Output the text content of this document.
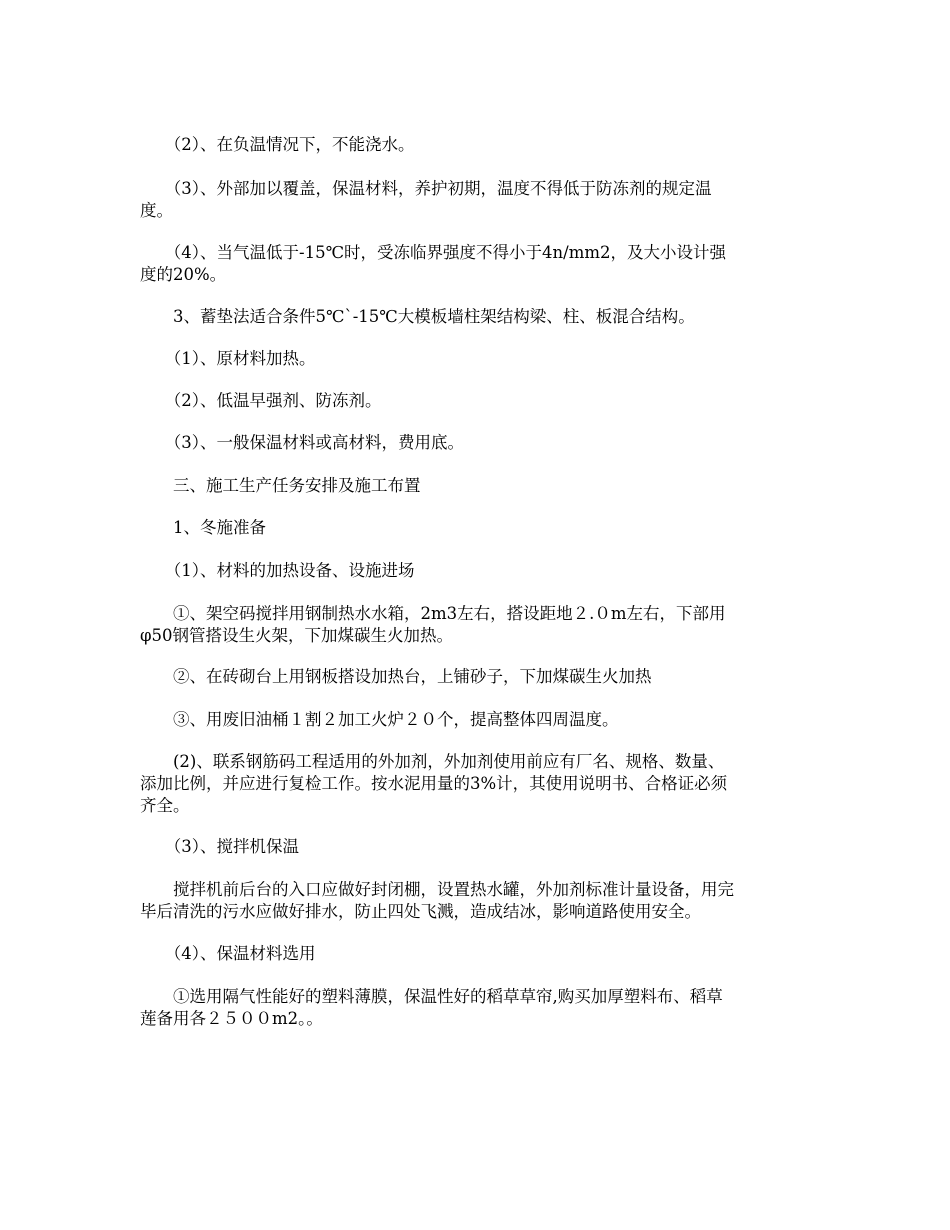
　　（2）、在负温情况下，不能浇水。
　　（3）、外部加以覆盖，保温材料，养护初期，温度不得低于防冻剂的规定温
度。
　　（4）、当气温低于-15℃时，受冻临界强度不得小于4n/mm2，及大小设计强
度的20%。
　　3、蓄垫法适合条件5℃ˋ-15℃大模板墙柱架结构梁、柱、板混合结构。
　　（1）、原材料加热。
　　（2）、低温早强剂、防冻剂。
　　（3）、一般保温材料或高材料，费用底。
　　三、施工生产任务安排及施工布置
　　1、冬施准备
　　（1）、材料的加热设备、设施进场
　　①、架空码搅拌用钢制热水水箱，2m3左右，搭设距地２.０m左右，下部用
φ50钢管搭设生火架，下加煤碳生火加热。
　　②、在砖砌台上用钢板搭设加热台，上铺砂子，下加煤碳生火加热
　　③、用废旧油桶１割２加工火炉２０个，提高整体四周温度。
　　(2)、联系钢筋码工程适用的外加剂，外加剂使用前应有厂名、规格、数量、
添加比例，并应进行复检工作。按水泥用量的3%计，其使用说明书、合格证必须
齐全。
　　（3）、搅拌机保温
　　搅拌机前后台的入口应做好封闭棚，设置热水罐，外加剂标准计量设备，用完
毕后清洗的污水应做好排水，防止四处飞溅，造成结冰，影响道路使用安全。
　　（4）、保温材料选用
　　①选用隔气性能好的塑料薄膜，保温性好的稻草草帘,购买加厚塑料布、稻草
莲备用各２５００m2。。
